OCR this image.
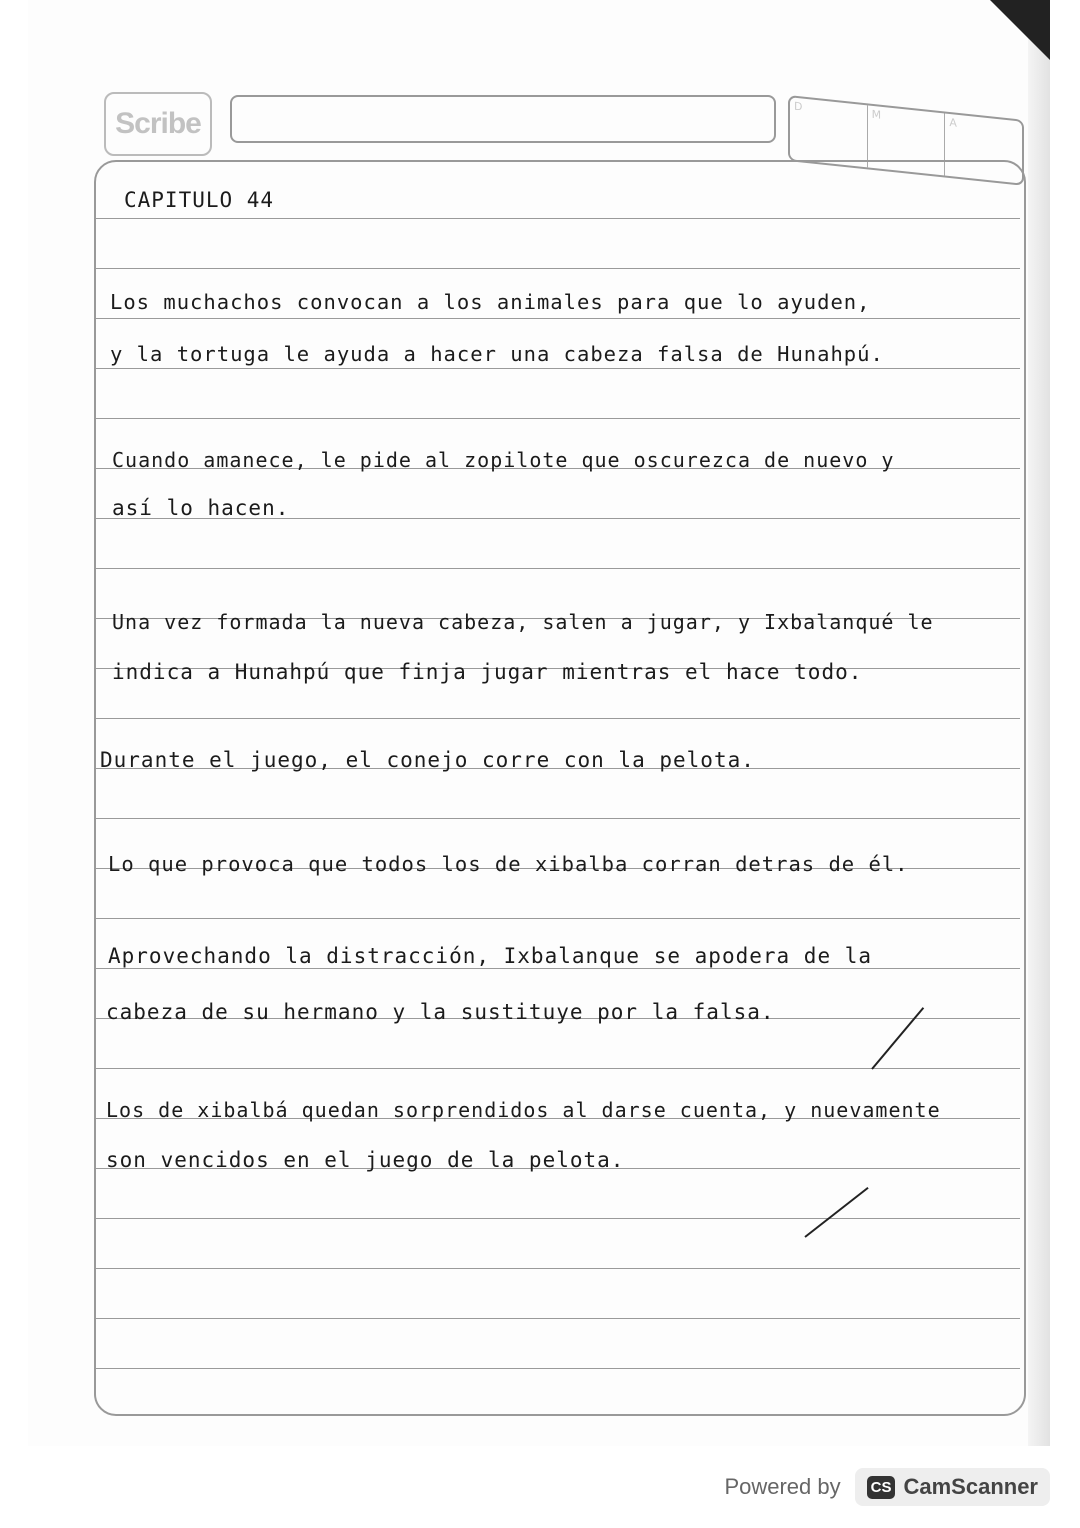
Scribe
D
M
A
CAPITULO 44
Los muchachos convocan a los animales para que lo ayuden,
y la tortuga le ayuda a hacer una cabeza falsa de Hunahpú.
Cuando amanece, le pide al zopilote que oscurezca de nuevo y
así lo hacen.
Una vez formada la nueva cabeza, salen a jugar, y Ixbalanqué le
indica a Hunahpú que finja jugar mientras el hace todo.
Durante el juego, el conejo corre con la pelota.
Lo que provoca que todos los de xibalba corran detras de él.
Aprovechando la distracción, Ixbalanque se apodera de la
cabeza de su hermano y la sustituye por la falsa.
Los de xibalbá quedan sorprendidos al darse cuenta, y nuevamente
son vencidos en el juego de la pelota.
Powered by CS CamScanner
